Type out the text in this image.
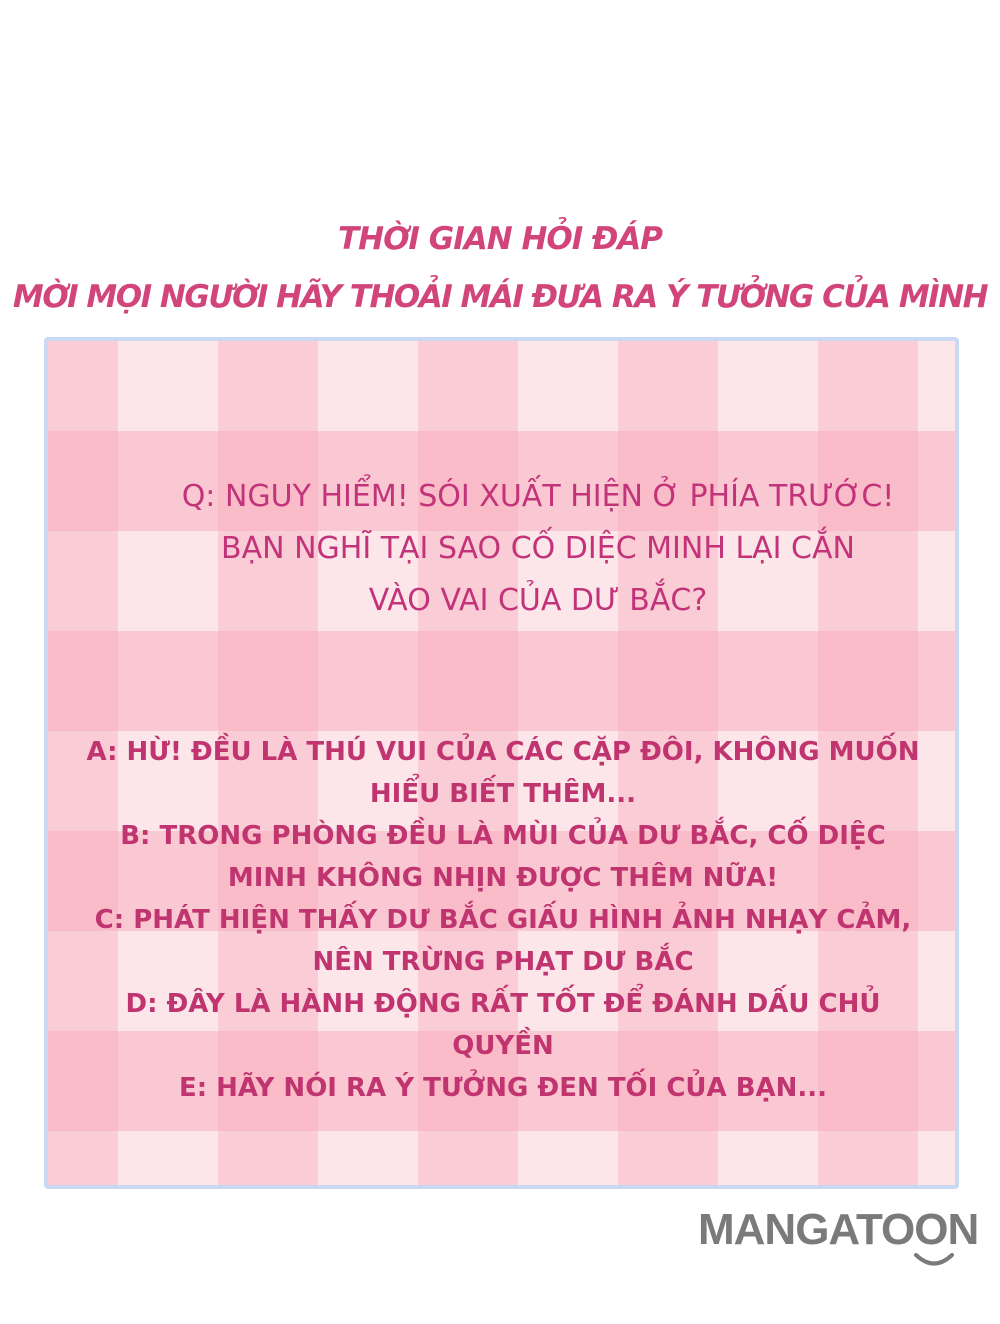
THỜI GIAN HỎI ĐÁP
MỜI MỌI NGƯỜI HÃY THOẢI MÁI ĐƯA RA Ý TƯỞNG CỦA MÌNH
Q: NGUY HIỂM! SÓI XUẤT HIỆN Ở PHÍA TRƯỚC!
BẠN NGHĨ TẠI SAO CỐ DIỆC MINH LẠI CẮN
VÀO VAI CỦA DƯ BẮC?
A: HỪ! ĐỀU LÀ THÚ VUI CỦA CÁC CẶP ĐÔI, KHÔNG MUỐN
HIỂU BIẾT THÊM...
B: TRONG PHÒNG ĐỀU LÀ MÙI CỦA DƯ BẮC, CỐ DIỆC
MINH KHÔNG NHỊN ĐƯỢC THÊM NỮA!
C: PHÁT HIỆN THẤY DƯ BẮC GIẤU HÌNH ẢNH NHẠY CẢM,
NÊN TRỪNG PHẠT DƯ BẮC
D: ĐÂY LÀ HÀNH ĐỘNG RẤT TỐT ĐỂ ĐÁNH DẤU CHỦ
QUYỀN
E: HÃY NÓI RA Ý TƯỞNG ĐEN TỐI CỦA BẠN...
MANGATOON
